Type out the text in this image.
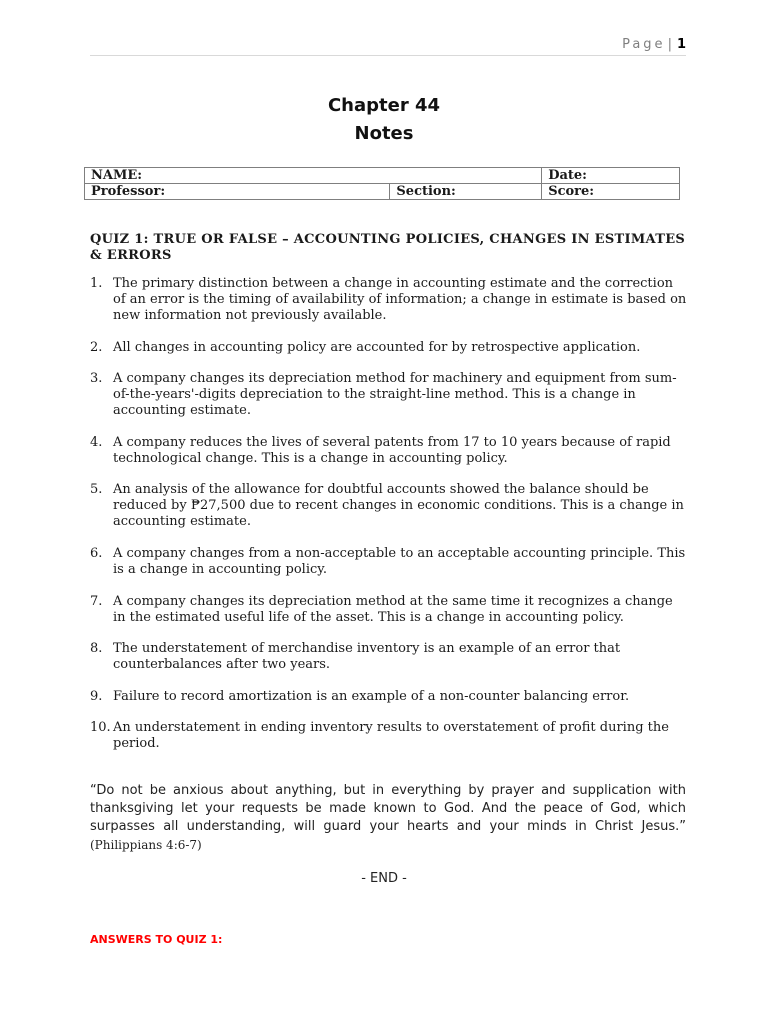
Page | 1
Chapter 44
Notes
NAME:		Date:
Professor:	Section:	Score:
QUIZ 1: TRUE OR FALSE – ACCOUNTING POLICIES, CHANGES IN ESTIMATES & ERRORS
1. The primary distinction between a change in accounting estimate and the correction of an error is the timing of availability of information; a change in estimate is based on new information not previously available.
2. All changes in accounting policy are accounted for by retrospective application.
3. A company changes its depreciation method for machinery and equipment from sum-of-the-years'-digits depreciation to the straight-line method. This is a change in accounting estimate.
4. A company reduces the lives of several patents from 17 to 10 years because of rapid technological change. This is a change in accounting policy.
5. An analysis of the allowance for doubtful accounts showed the balance should be reduced by ₱27,500 due to recent changes in economic conditions. This is a change in accounting estimate.
6. A company changes from a non-acceptable to an acceptable accounting principle. This is a change in accounting policy.
7. A company changes its depreciation method at the same time it recognizes a change in the estimated useful life of the asset. This is a change in accounting policy.
8. The understatement of merchandise inventory is an example of an error that counterbalances after two years.
9. Failure to record amortization is an example of a non-counter balancing error.
10. An understatement in ending inventory results to overstatement of profit during the period.
“Do not be anxious about anything, but in everything by prayer and supplication with thanksgiving let your requests be made known to God. And the peace of God, which surpasses all understanding, will guard your hearts and your minds in Christ Jesus.”
(Philippians 4:6-7)
- END -
ANSWERS TO QUIZ 1:
